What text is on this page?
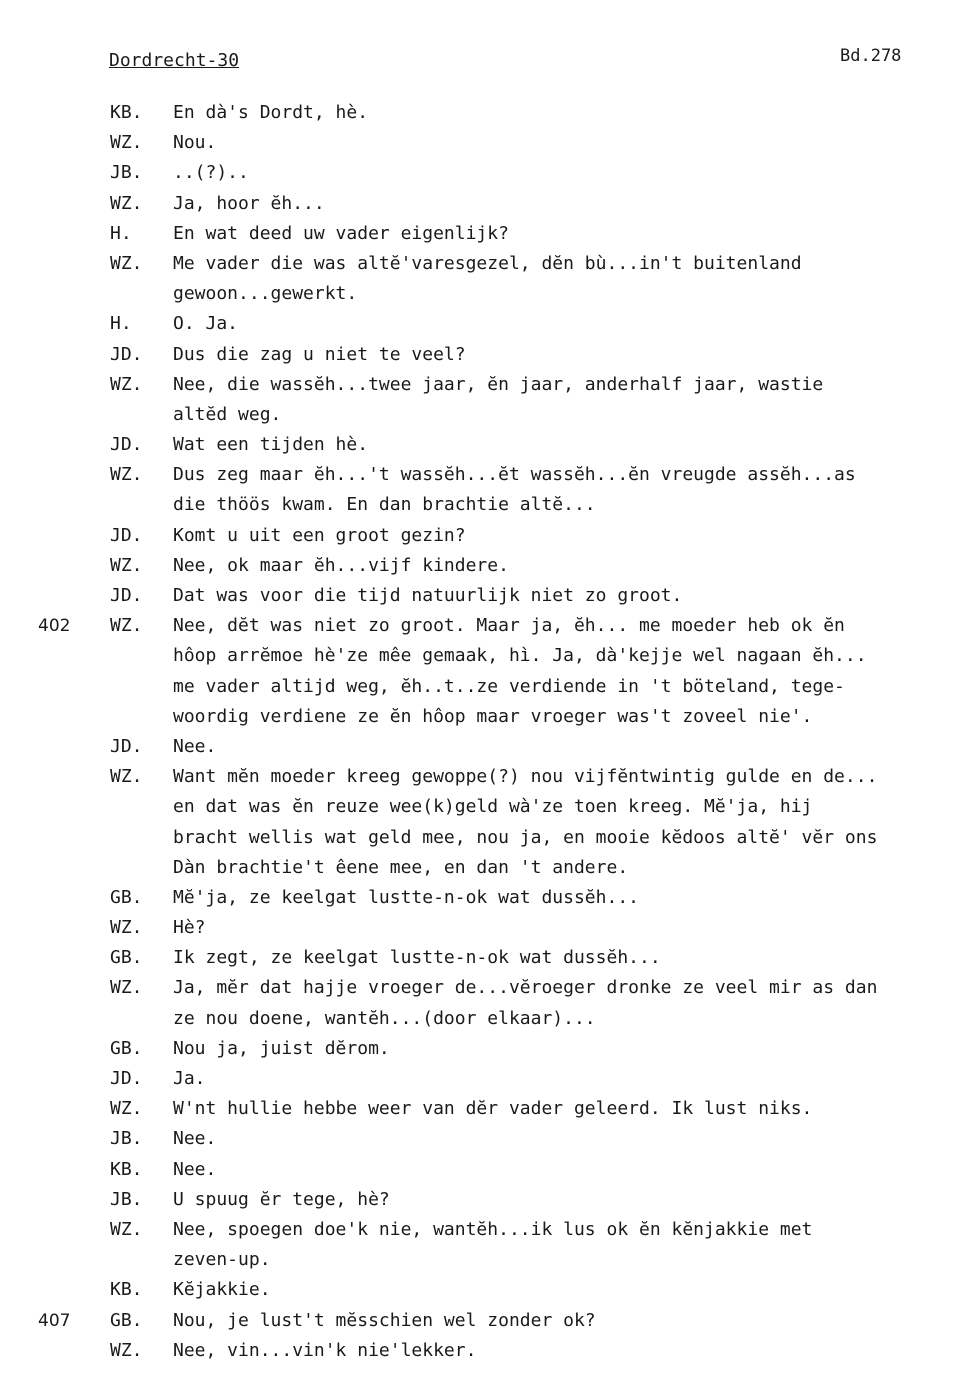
Dordrecht-30	Bd.278
KB. En dà's Dordt, hè.
WZ. Nou.
JB. ..(?)..
WZ. Ja, hoor ĕh...
H. En wat deed uw vader eigenlijk?
WZ. Me vader die was altĕ'varesgezel, dĕn bù...in't buitenland
gewoon...gewerkt.
H. O. Ja.
JD. Dus die zag u niet te veel?
WZ. Nee, die wassĕh...twee jaar, ĕn jaar, anderhalf jaar, wastie
altĕd weg.
JD. Wat een tijden hè.
WZ. Dus zeg maar ĕh...'t wassĕh...ĕt wassĕh...ĕn vreugde assĕh...as
die thöös kwam. En dan brachtie altĕ...
JD. Komt u uit een groot gezin?
WZ. Nee, ok maar ĕh...vijf kindere.
JD. Dat was voor die tijd natuurlijk niet zo groot.
402 WZ. Nee, dĕt was niet zo groot. Maar ja, ĕh... me moeder heb ok ĕn
hôop arrĕmoe hè'ze mêe gemaak, hì. Ja, dà'kejje wel nagaan ĕh...
me vader altijd weg, ĕh..t..ze verdiende in 't böteland, tege-
woordig verdiene ze ĕn hôop maar vroeger was't zoveel nie'.
JD. Nee.
WZ. Want mĕn moeder kreeg gewoppe(?) nou vijfĕntwintig gulde en de...
en dat was ĕn reuze wee(k)geld wà'ze toen kreeg. Mĕ'ja, hij
bracht wellis wat geld mee, nou ja, en mooie kĕdoos altĕ' vĕr ons
Dàn brachtie't êene mee, en dan 't andere.
GB. Mĕ'ja, ze keelgat lustte-n-ok wat dussĕh...
WZ. Hè?
GB. Ik zegt, ze keelgat lustte-n-ok wat dussĕh...
WZ. Ja, mĕr dat hajje vroeger de...vĕroeger dronke ze veel mir as dan
ze nou doene, wantĕh...(door elkaar)...
GB. Nou ja, juist dĕrom.
JD. Ja.
WZ. W'nt hullie hebbe weer van dĕr vader geleerd. Ik lust niks.
JB. Nee.
KB. Nee.
JB. U spuug ĕr tege, hè?
WZ. Nee, spoegen doe'k nie, wantĕh...ik lus ok ĕn kĕnjakkie met
zeven-up.
KB. Kĕjakkie.
407 GB. Nou, je lust't mĕsschien wel zonder ok?
WZ. Nee, vin...vin'k nie'lekker.
